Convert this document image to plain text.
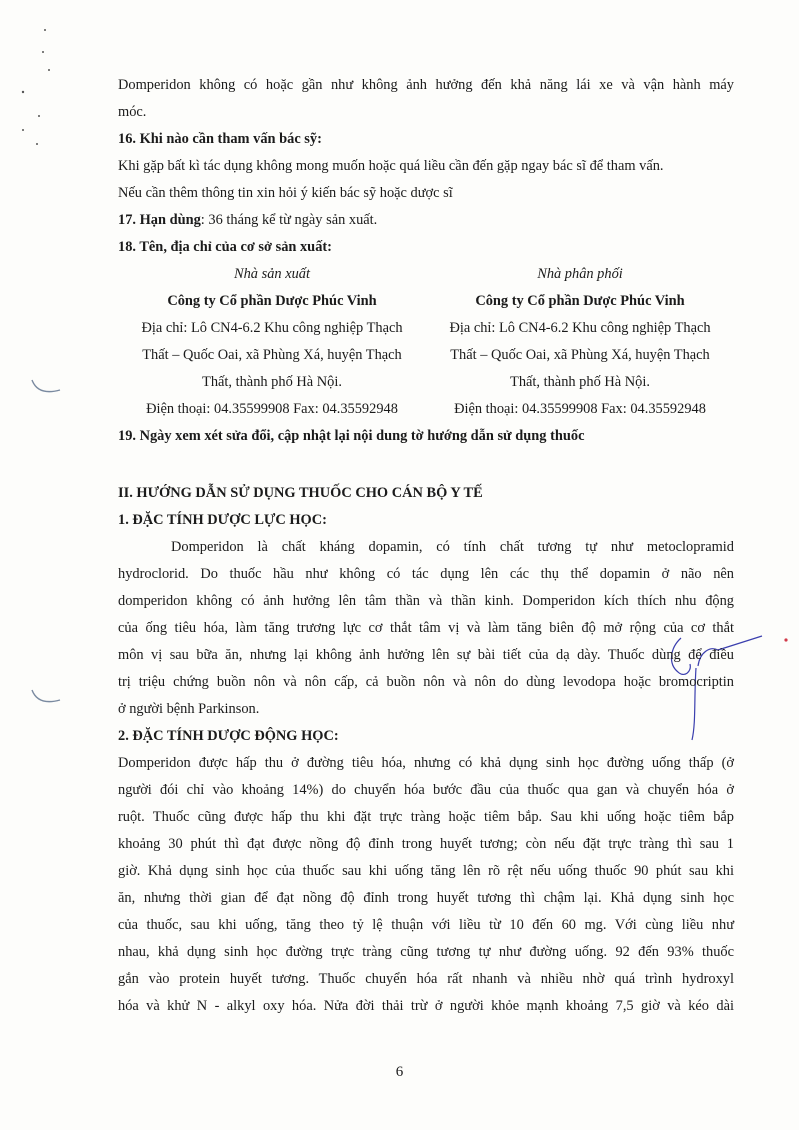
Domperidon không có hoặc gần như không ảnh hưởng đến khả năng lái xe và vận hành máy
móc.
16. Khi nào cần tham vấn bác sỹ:
Khi gặp bất kì tác dụng không mong muốn hoặc quá liều cần đến gặp ngay bác sĩ để tham vấn.
Nếu cần thêm thông tin xin hỏi ý kiến bác sỹ hoặc dược sĩ
17. Hạn dùng: 36 tháng kể từ ngày sản xuất.
18. Tên, địa chỉ của cơ sở sản xuất:
Nhà sản xuất
Công ty Cổ phần Dược Phúc Vinh
Địa chỉ: Lô CN4-6.2 Khu công nghiệp Thạch
Thất – Quốc Oai, xã Phùng Xá, huyện Thạch
Thất, thành phố Hà Nội.
Điện thoại: 04.35599908 Fax: 04.35592948
Nhà phân phối
Công ty Cổ phần Dược Phúc Vinh
Địa chỉ: Lô CN4-6.2 Khu công nghiệp Thạch
Thất – Quốc Oai, xã Phùng Xá, huyện Thạch
Thất, thành phố Hà Nội.
Điện thoại: 04.35599908 Fax: 04.35592948
19. Ngày xem xét sửa đổi, cập nhật lại nội dung tờ hướng dẫn sử dụng thuốc
II. HƯỚNG DẪN SỬ DỤNG THUỐC CHO CÁN BỘ Y TẾ
1. ĐẶC TÍNH DƯỢC LỰC HỌC:
Domperidon là chất kháng dopamin, có tính chất tương tự như metoclopramid
hydroclorid. Do thuốc hầu như không có tác dụng lên các thụ thể dopamin ở não nên
domperidon không có ảnh hưởng lên tâm thần và thần kinh. Domperidon kích thích nhu động
của ống tiêu hóa, làm tăng trương lực cơ thắt tâm vị và làm tăng biên độ mở rộng của cơ thắt
môn vị sau bữa ăn, nhưng lại không ảnh hưởng lên sự bài tiết của dạ dày. Thuốc dùng để điều
trị triệu chứng buồn nôn và nôn cấp, cả buồn nôn và nôn do dùng levodopa hoặc bromocriptin
ở người bệnh Parkinson.
2. ĐẶC TÍNH DƯỢC ĐỘNG HỌC:
Domperidon được hấp thu ở đường tiêu hóa, nhưng có khả dụng sinh học đường uống thấp (ở
người đói chỉ vào khoảng 14%) do chuyển hóa bước đầu của thuốc qua gan và chuyển hóa ở
ruột. Thuốc cũng được hấp thu khi đặt trực tràng hoặc tiêm bắp. Sau khi uống hoặc tiêm bắp
khoảng 30 phút thì đạt được nồng độ đỉnh trong huyết tương; còn nếu đặt trực tràng thì sau 1
giờ. Khả dụng sinh học của thuốc sau khi uống tăng lên rõ rệt nếu uống thuốc 90 phút sau khi
ăn, nhưng thời gian để đạt nồng độ đỉnh trong huyết tương thì chậm lại. Khả dụng sinh học
của thuốc, sau khi uống, tăng theo tỷ lệ thuận với liều từ 10 đến 60 mg. Với cùng liều như
nhau, khả dụng sinh học đường trực tràng cũng tương tự như đường uống. 92 đến 93% thuốc
gắn vào protein huyết tương. Thuốc chuyển hóa rất nhanh và nhiều nhờ quá trình hydroxyl
hóa và khử N - alkyl oxy hóa. Nửa đời thải trừ ở người khỏe mạnh khoảng 7,5 giờ và kéo dài
6
